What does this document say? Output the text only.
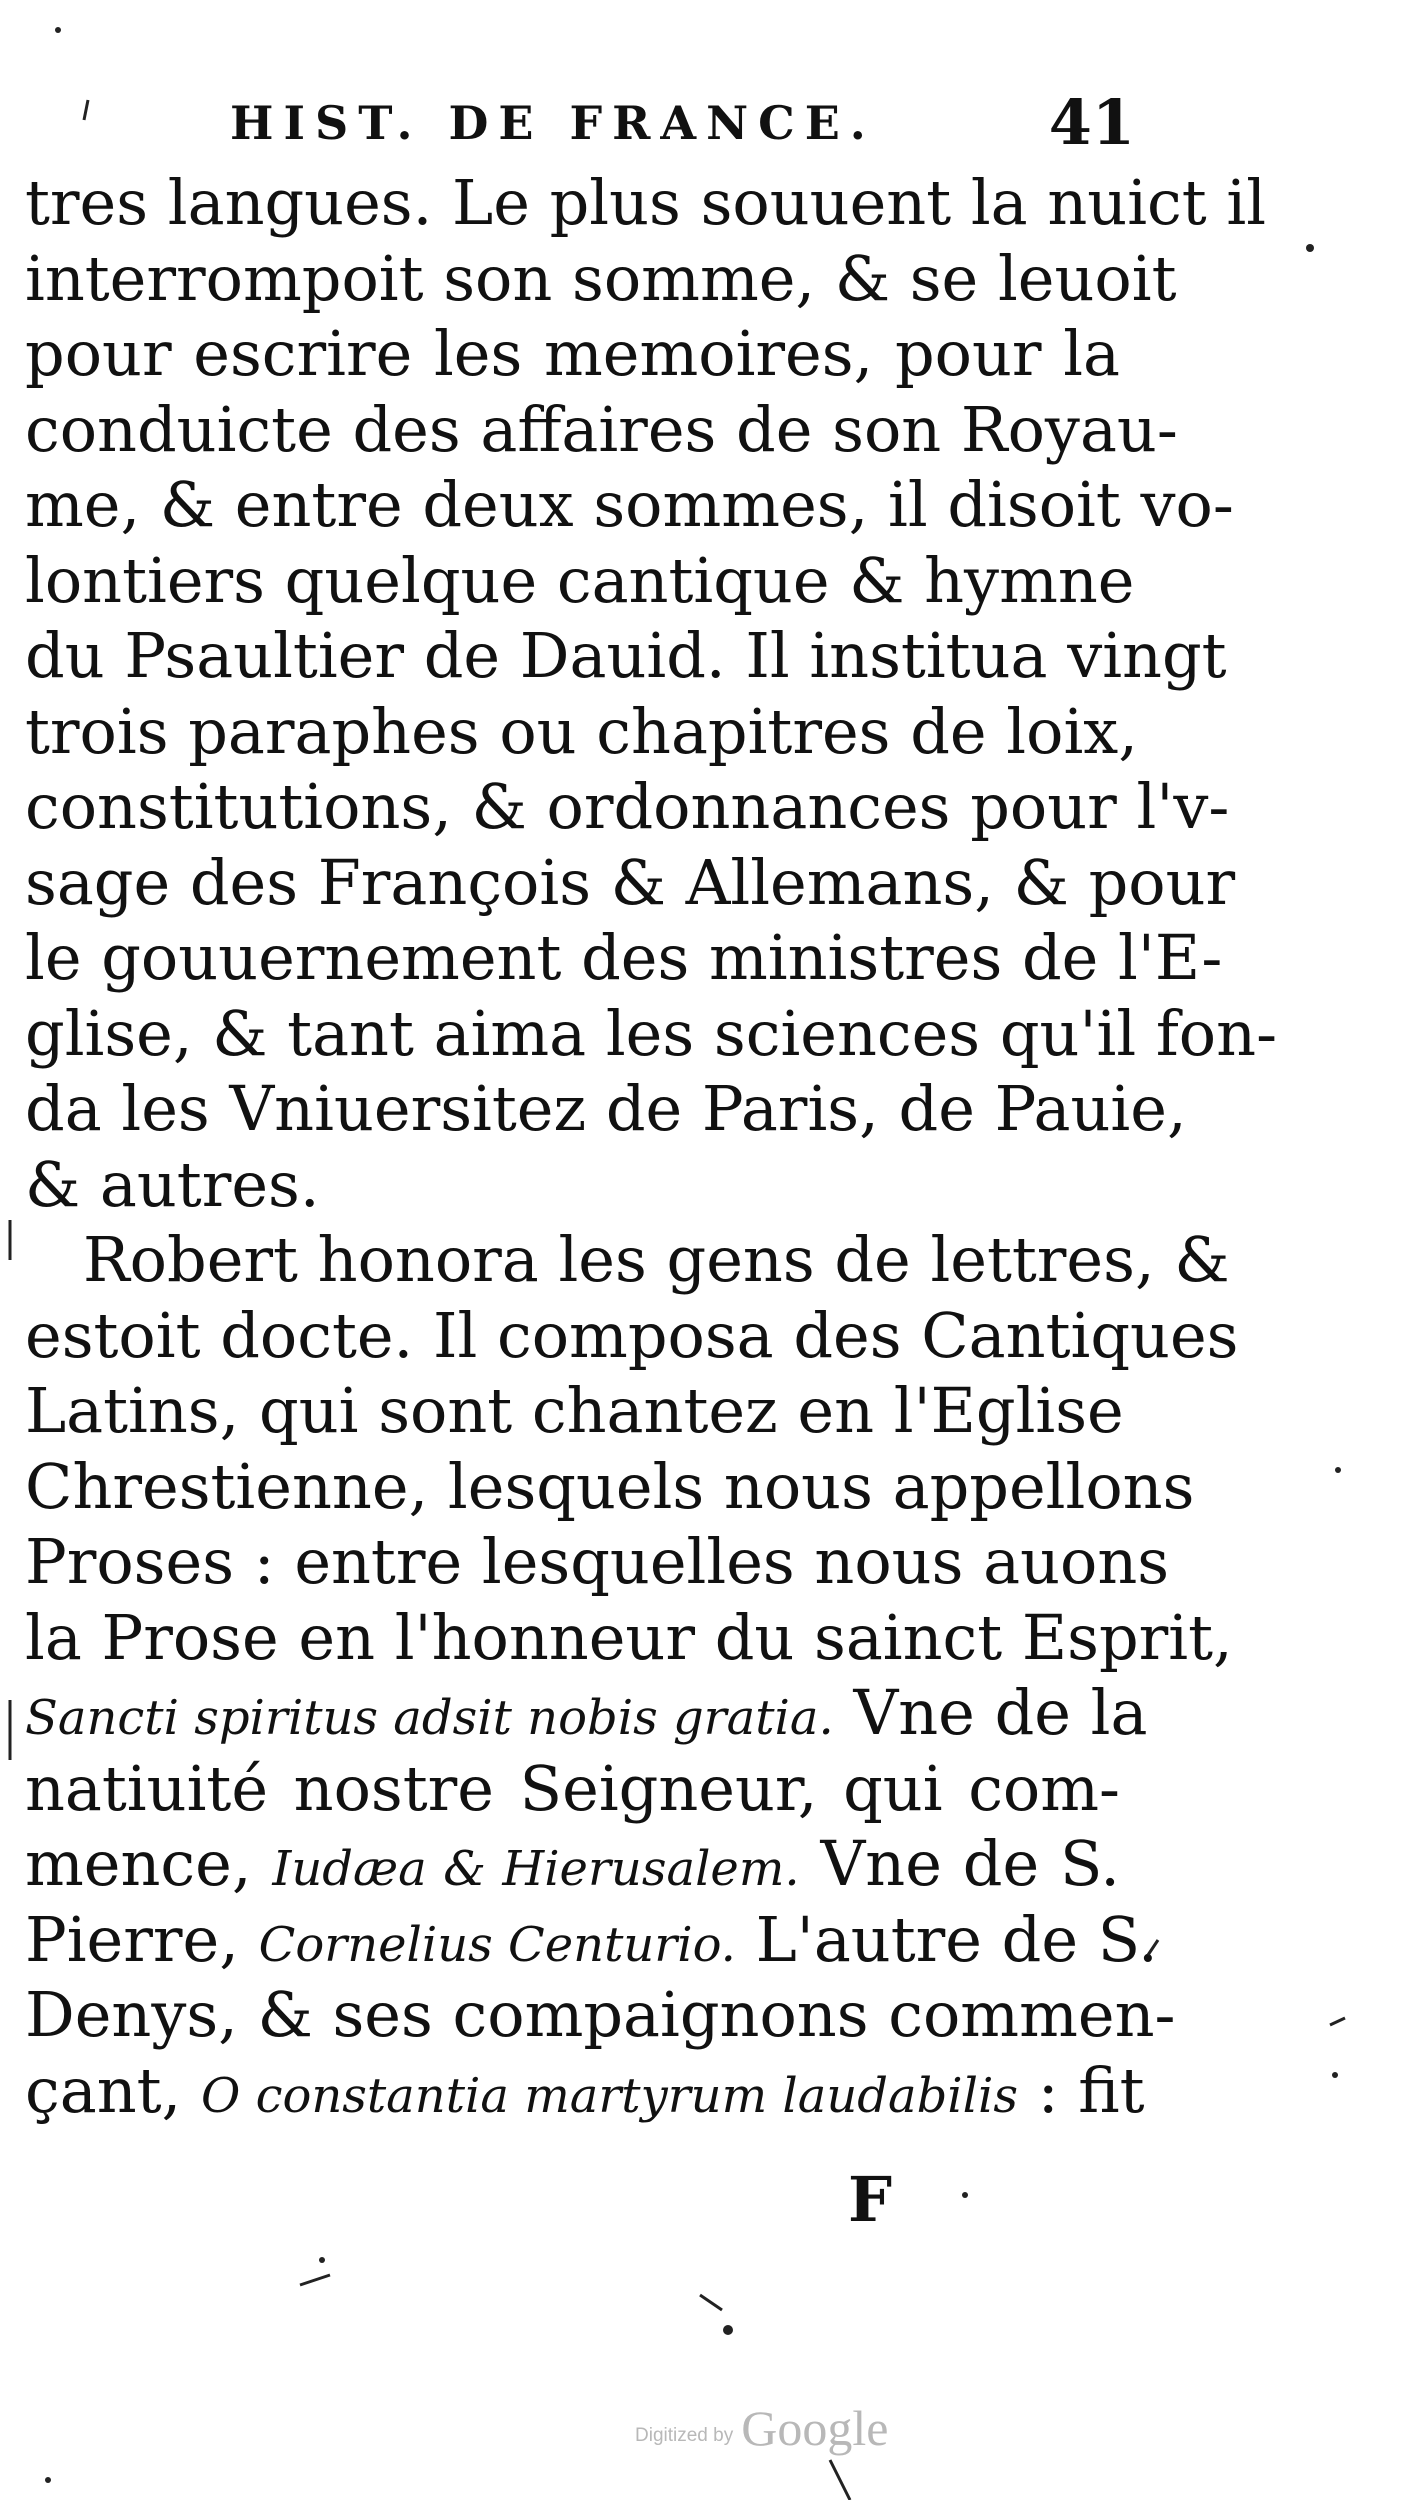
HIST. DE FRANCE.	41
tres langues. Le plus souuent la nuict il
interrompoit son somme, & se leuoit
pour escrire les memoires, pour la
conduicte des affaires de son Royau-
me, & entre deux sommes, il disoit vo-
lontiers quelque cantique & hymne
du Psaultier de Dauid. Il institua vingt
trois paraphes ou chapitres de loix,
constitutions, & ordonnances pour l'v-
sage des François & Allemans, & pour
le gouuernement des ministres de l'E-
glise, & tant aima les sciences qu'il fon-
da les Vniuersitez de Paris, de Pauie,
& autres.
Robert honora les gens de lettres, &
estoit docte. Il composa des Cantiques
Latins, qui sont chantez en l'Eglise
Chrestienne, lesquels nous appellons
Proses : entre lesquelles nous auons
la Prose en l'honneur du sainct Esprit,
Sancti spiritus adsit nobis gratia. Vne de la
natiuité nostre Seigneur, qui com-
mence, Iudæa & Hierusalem. Vne de S.
Pierre, Cornelius Centurio. L'autre de S.
Denys, & ses compaignons commen-
çant, O constantia martyrum laudabilis : fit
F
Digitized by Google
